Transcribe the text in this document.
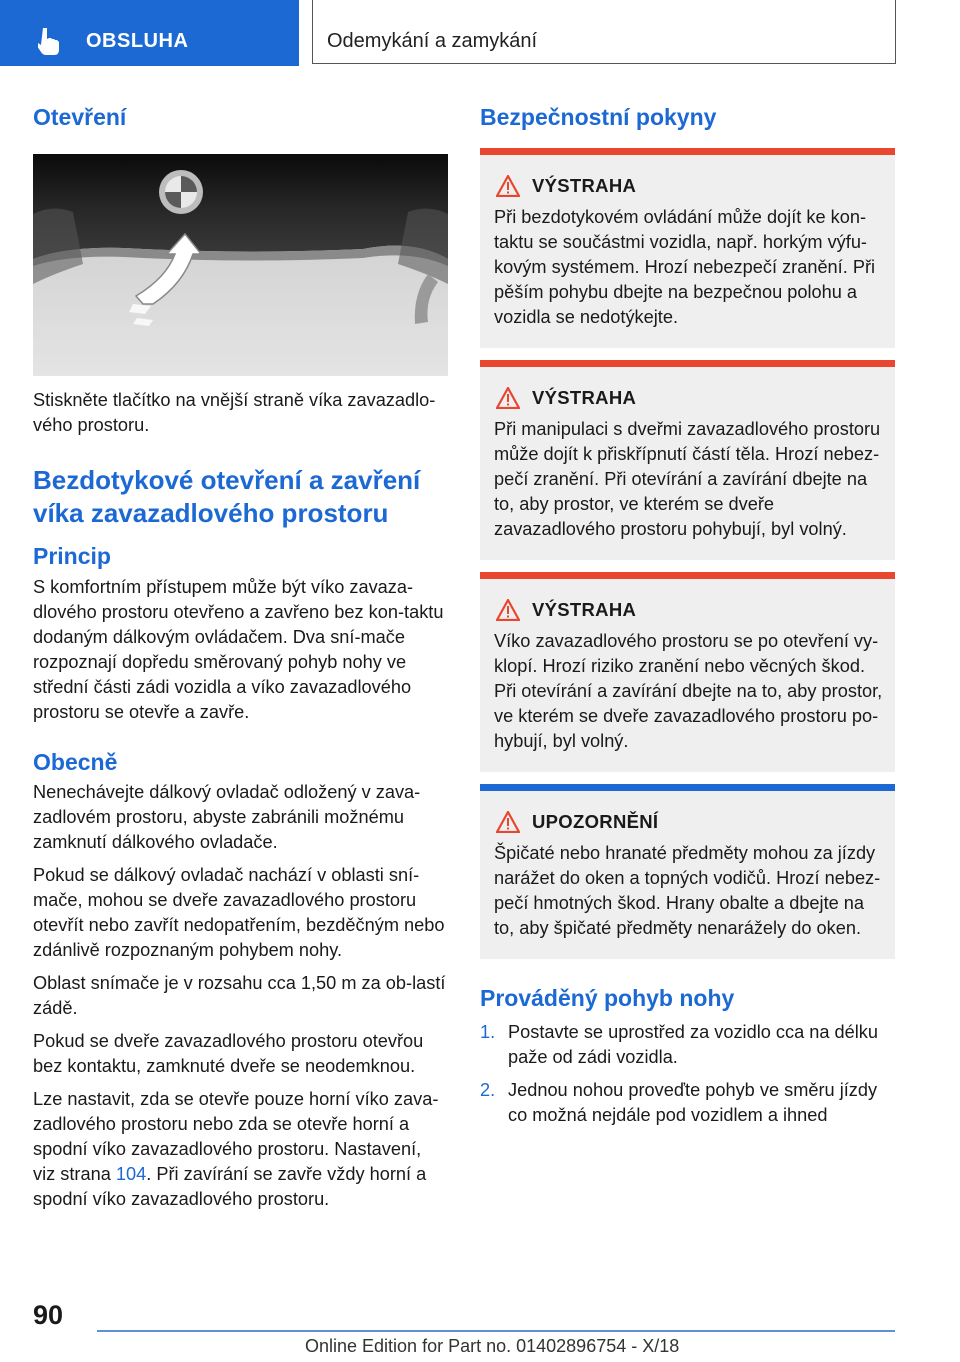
OBSLUHA	Odemykání a zamykání
Otevření

Stiskněte tlačítko na vnější straně víka zavazadlo-vého prostoru.

Bezdotykové otevření a zavření víka zavazadlového prostoru
Princip

S komfortním přístupem může být víko zavaza-dlového prostoru otevřeno a zavřeno bez kon-taktu dodaným dálkovým ovládačem. Dva sní-mače rozpoznají dopředu směrovaný pohyb nohy ve střední části zádi vozidla a víko zavazadlového prostoru se otevře a zavře.

Obecně

Nenechávejte dálkový ovladač odložený v zava-zadlovém prostoru, abyste zabránili možnému zamknutí dálkového ovladače.

Pokud se dálkový ovladač nachází v oblasti sní-mače, mohou se dveře zavazadlového prostoru otevřít nebo zavřít nedopatřením, bezděčným nebo zdánlivě rozpoznaným pohybem nohy.

Oblast snímače je v rozsahu cca 1,50 m za ob-lastí zádě.

Pokud se dveře zavazadlového prostoru otevřou bez kontaktu, zamknuté dveře se neodemknou.

Lze nastavit, zda se otevře pouze horní víko zava-zadlového prostoru nebo zda se otevře horní a spodní víko zavazadlového prostoru. Nastavení, viz strana 104. Při zavírání se zavře vždy horní a spodní víko zavazadlového prostoru.

Bezpečnostní pokyny
VÝSTRAHA
Při bezdotykovém ovládání může dojít ke kon-taktu se součástmi vozidla, např. horkým výfu-kovým systémem. Hrozí nebezpečí zranění. Při pěším pohybu dbejte na bezpečnou polohu a vozidla se nedotýkejte.
VÝSTRAHA
Při manipulaci s dveřmi zavazadlového prostoru může dojít k přiskřípnutí částí těla. Hrozí nebez-pečí zranění. Při otevírání a zavírání dbejte na to, aby prostor, ve kterém se dveře zavazadlového prostoru pohybují, byl volný.
VÝSTRAHA
Víko zavazadlového prostoru se po otevření vy-klopí. Hrozí riziko zranění nebo věcných škod. Při otevírání a zavírání dbejte na to, aby prostor, ve kterém se dveře zavazadlového prostoru po-hybují, byl volný.
UPOZORNĚNÍ
Špičaté nebo hranaté předměty mohou za jízdy narážet do oken a topných vodičů. Hrozí nebez-pečí hmotných škod. Hrany obalte a dbejte na to, aby špičaté předměty nenarážely do oken.
Prováděný pohyb nohy
1. Postavte se uprostřed za vozidlo cca na délku paže od zádi vozidla.
2. Jednou nohou proveďte pohyb ve směru jízdy co možná nejdále pod vozidlem a ihned
90
Online Edition for Part no. 01402896754 - X/18
